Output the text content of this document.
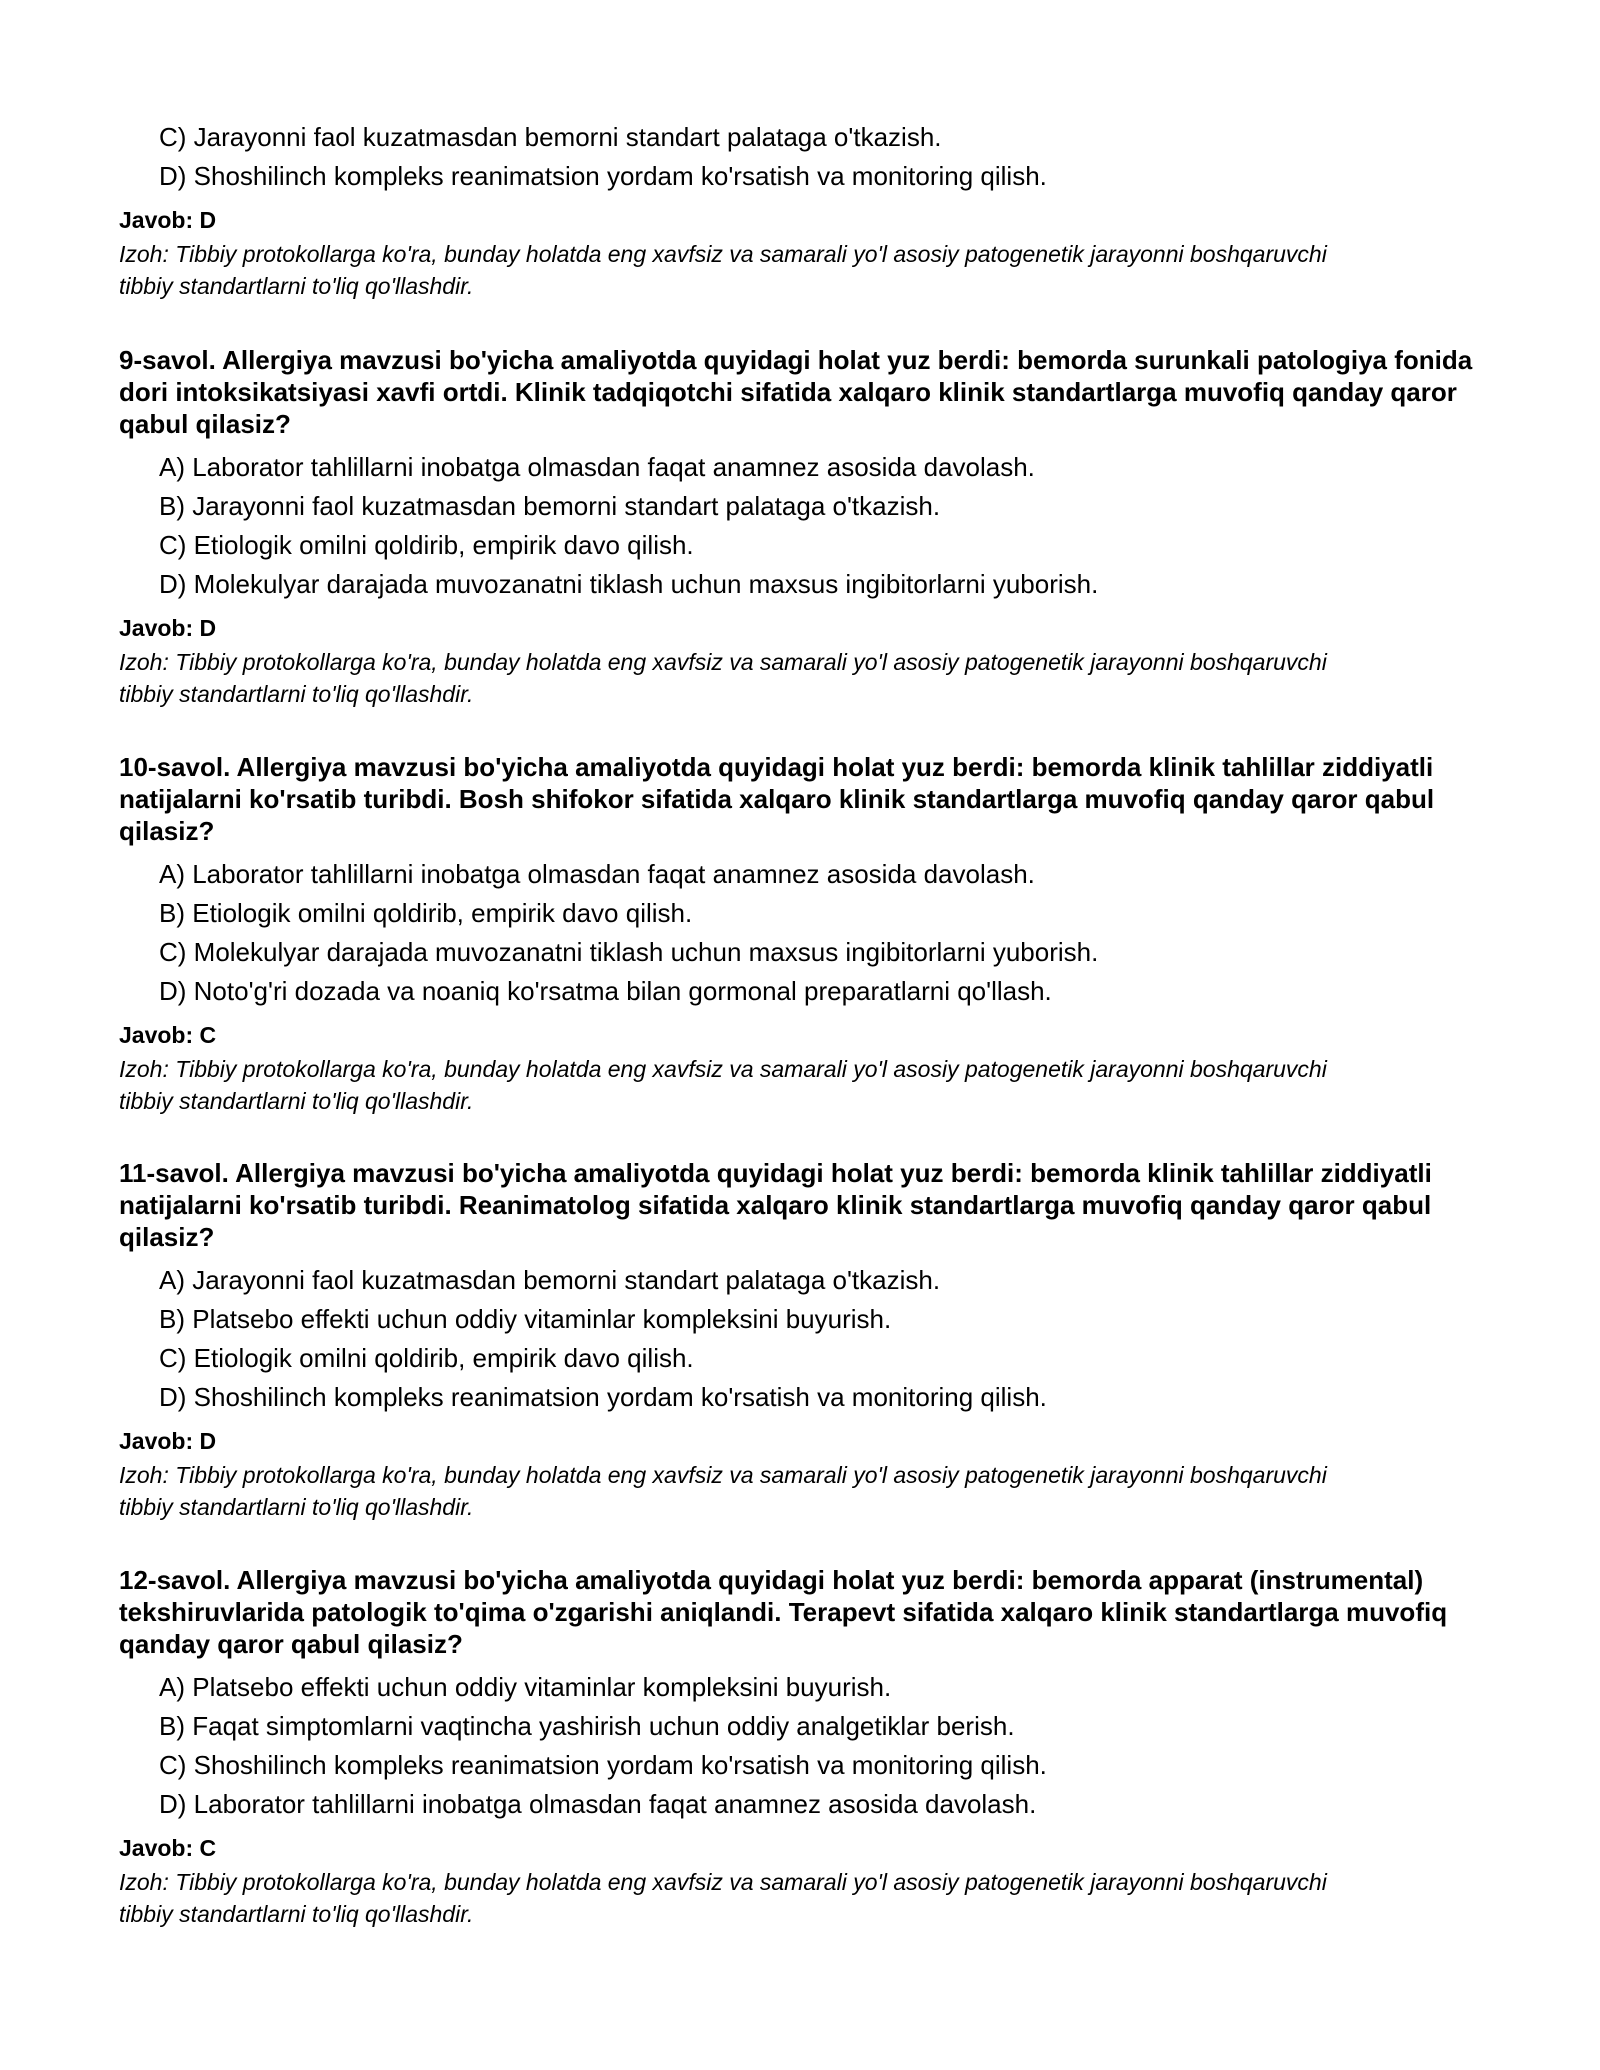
C) Jarayonni faol kuzatmasdan bemorni standart palataga o'tkazish.
D) Shoshilinch kompleks reanimatsion yordam ko'rsatish va monitoring qilish.
Javob: D
Izoh: Tibbiy protokollarga ko'ra, bunday holatda eng xavfsiz va samarali yo'l asosiy patogenetik jarayonni boshqaruvchi tibbiy standartlarni to'liq qo'llashdir.
9-savol. Allergiya mavzusi bo'yicha amaliyotda quyidagi holat yuz berdi: bemorda surunkali patologiya fonida dori intoksikatsiyasi xavfi ortdi. Klinik tadqiqotchi sifatida xalqaro klinik standartlarga muvofiq qanday qaror qabul qilasiz?
A) Laborator tahlillarni inobatga olmasdan faqat anamnez asosida davolash.
B) Jarayonni faol kuzatmasdan bemorni standart palataga o'tkazish.
C) Etiologik omilni qoldirib, empirik davo qilish.
D) Molekulyar darajada muvozanatni tiklash uchun maxsus ingibitorlarni yuborish.
Javob: D
Izoh: Tibbiy protokollarga ko'ra, bunday holatda eng xavfsiz va samarali yo'l asosiy patogenetik jarayonni boshqaruvchi tibbiy standartlarni to'liq qo'llashdir.
10-savol. Allergiya mavzusi bo'yicha amaliyotda quyidagi holat yuz berdi: bemorda klinik tahlillar ziddiyatli natijalarni ko'rsatib turibdi. Bosh shifokor sifatida xalqaro klinik standartlarga muvofiq qanday qaror qabul qilasiz?
A) Laborator tahlillarni inobatga olmasdan faqat anamnez asosida davolash.
B) Etiologik omilni qoldirib, empirik davo qilish.
C) Molekulyar darajada muvozanatni tiklash uchun maxsus ingibitorlarni yuborish.
D) Noto'g'ri dozada va noaniq ko'rsatma bilan gormonal preparatlarni qo'llash.
Javob: C
Izoh: Tibbiy protokollarga ko'ra, bunday holatda eng xavfsiz va samarali yo'l asosiy patogenetik jarayonni boshqaruvchi tibbiy standartlarni to'liq qo'llashdir.
11-savol. Allergiya mavzusi bo'yicha amaliyotda quyidagi holat yuz berdi: bemorda klinik tahlillar ziddiyatli natijalarni ko'rsatib turibdi. Reanimatolog sifatida xalqaro klinik standartlarga muvofiq qanday qaror qabul qilasiz?
A) Jarayonni faol kuzatmasdan bemorni standart palataga o'tkazish.
B) Platsebo effekti uchun oddiy vitaminlar kompleksini buyurish.
C) Etiologik omilni qoldirib, empirik davo qilish.
D) Shoshilinch kompleks reanimatsion yordam ko'rsatish va monitoring qilish.
Javob: D
Izoh: Tibbiy protokollarga ko'ra, bunday holatda eng xavfsiz va samarali yo'l asosiy patogenetik jarayonni boshqaruvchi tibbiy standartlarni to'liq qo'llashdir.
12-savol. Allergiya mavzusi bo'yicha amaliyotda quyidagi holat yuz berdi: bemorda apparat (instrumental) tekshiruvlarida patologik to'qima o'zgarishi aniqlandi. Terapevt sifatida xalqaro klinik standartlarga muvofiq qanday qaror qabul qilasiz?
A) Platsebo effekti uchun oddiy vitaminlar kompleksini buyurish.
B) Faqat simptomlarni vaqtincha yashirish uchun oddiy analgetiklar berish.
C) Shoshilinch kompleks reanimatsion yordam ko'rsatish va monitoring qilish.
D) Laborator tahlillarni inobatga olmasdan faqat anamnez asosida davolash.
Javob: C
Izoh: Tibbiy protokollarga ko'ra, bunday holatda eng xavfsiz va samarali yo'l asosiy patogenetik jarayonni boshqaruvchi tibbiy standartlarni to'liq qo'llashdir.
